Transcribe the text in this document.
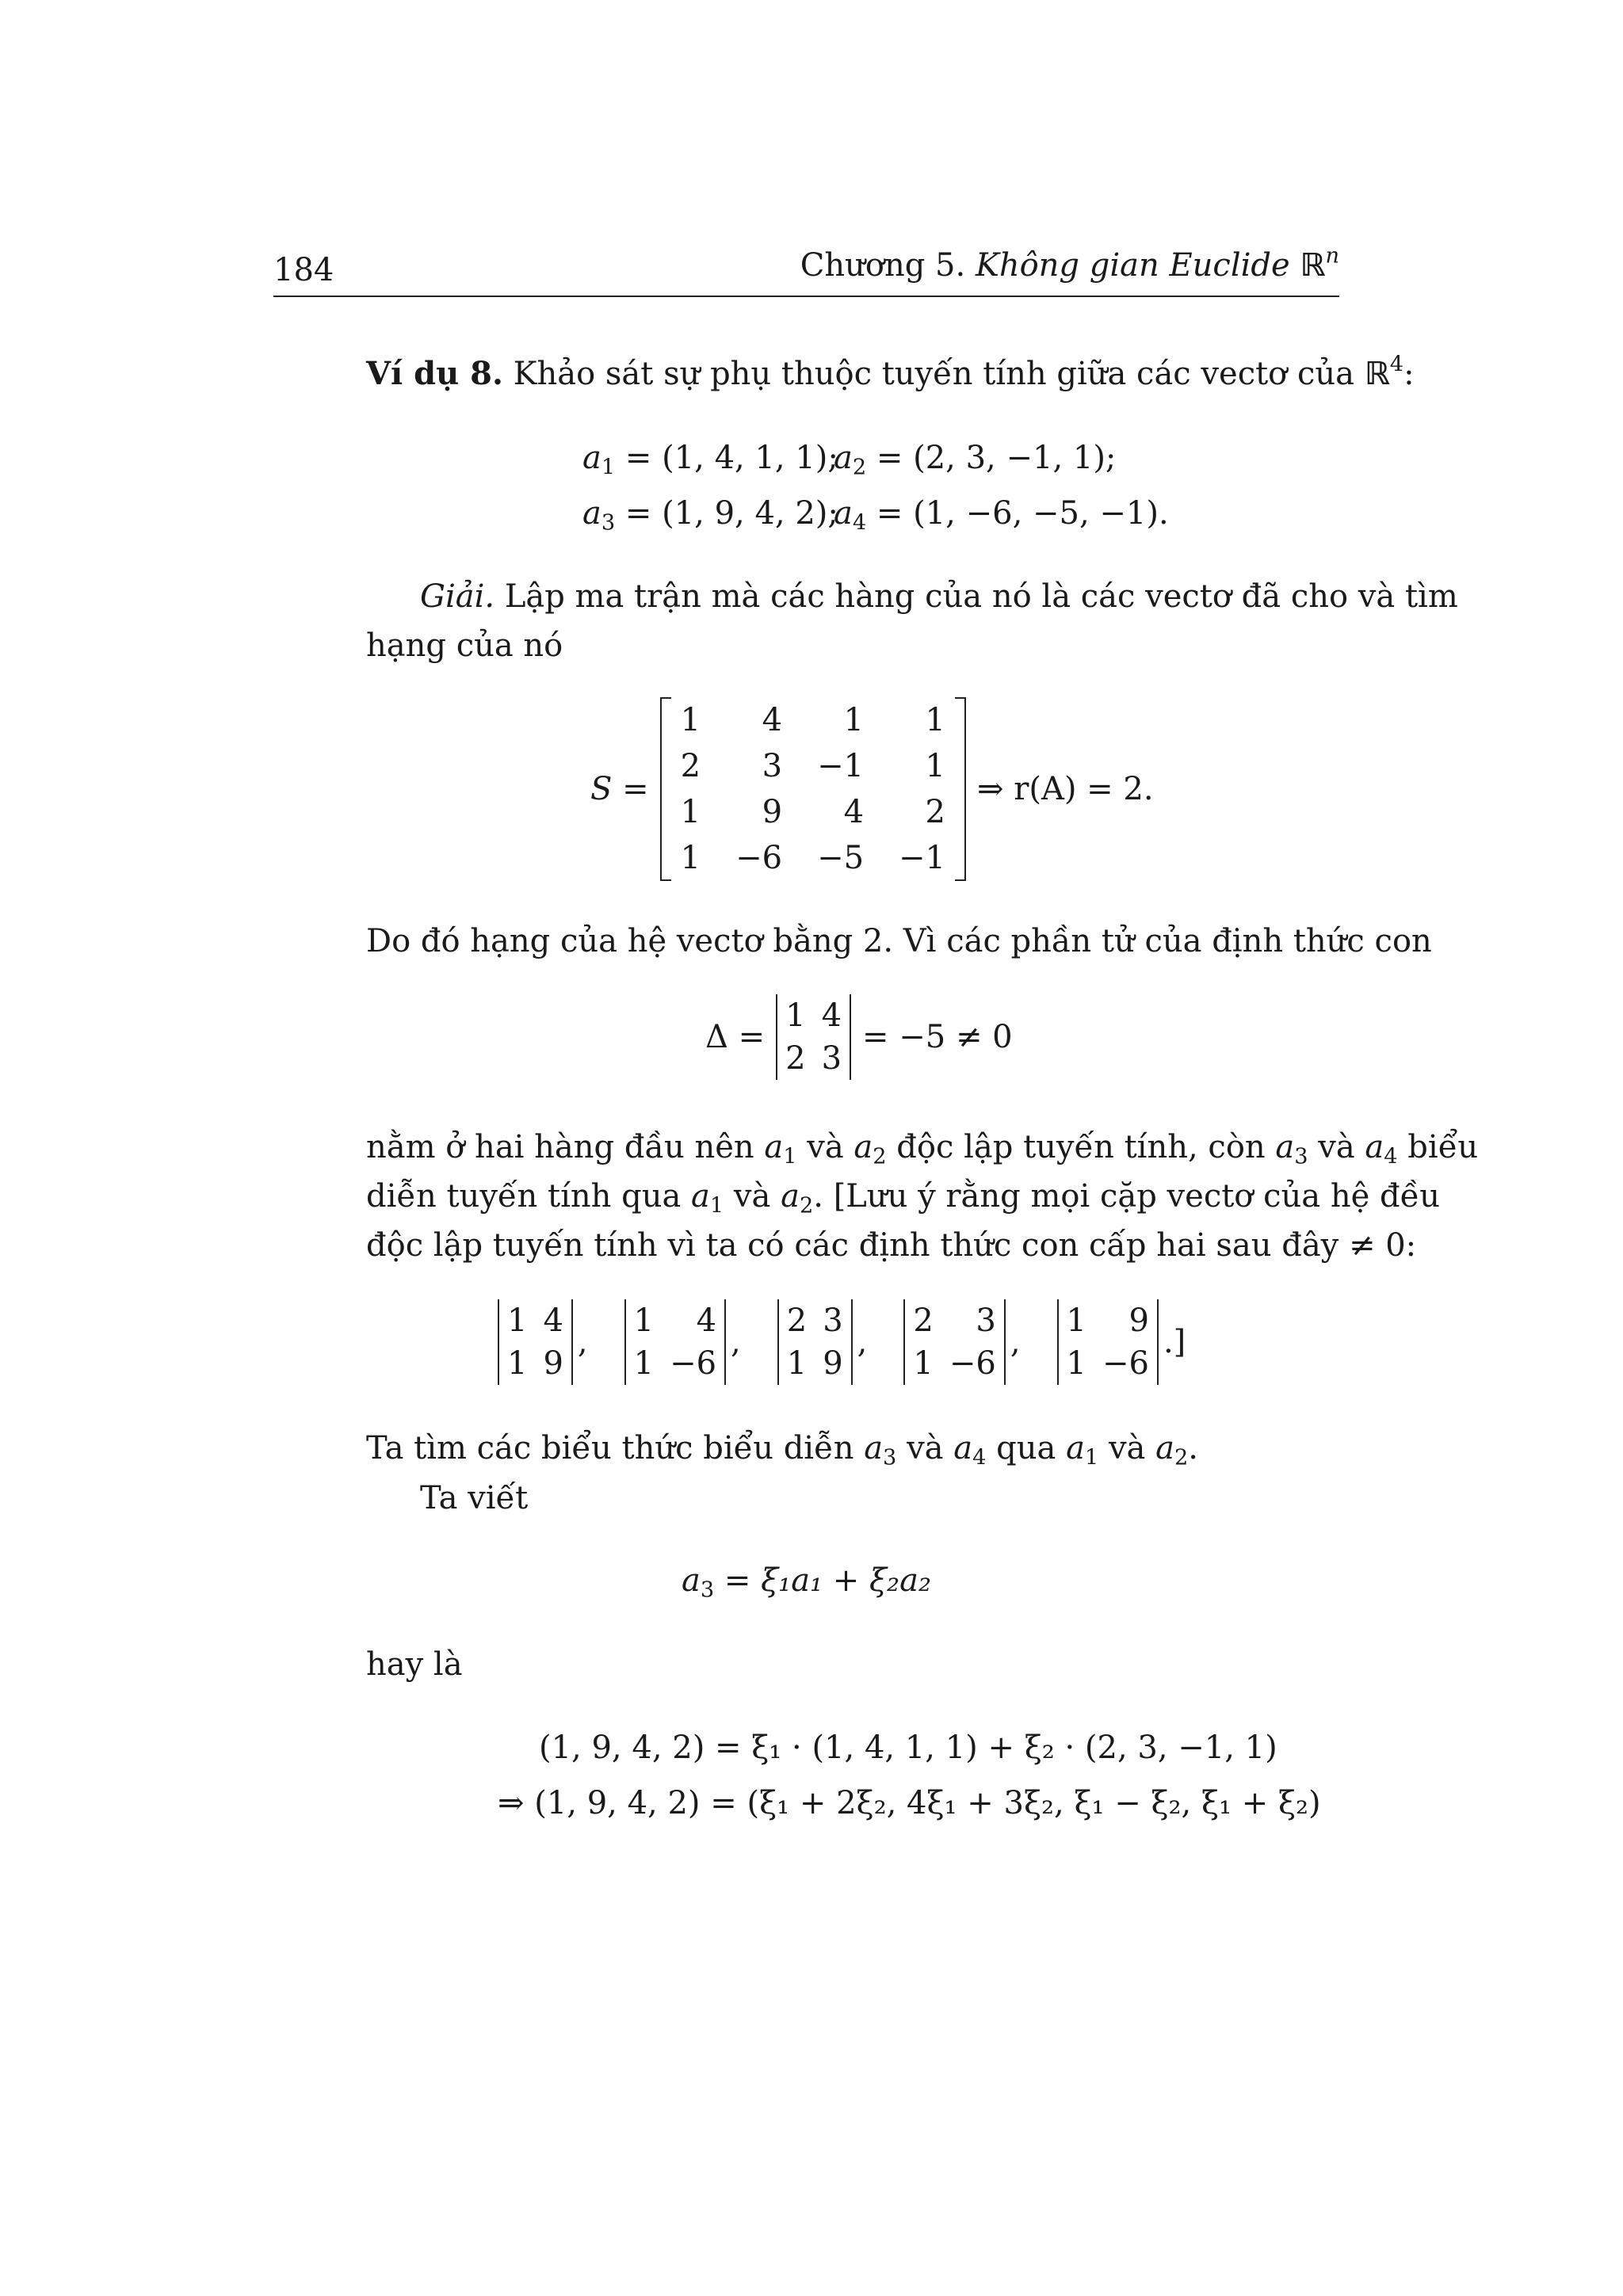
184	Chương 5. Không gian Euclide ℝ$^n$
Ví dụ 8. Khảo sát sự phụ thuộc tuyến tính giữa các vectơ của ℝ$^4$:
$a_1 = (1$, 4, 1, 1);
$a_2 = (2$, 3, −1, 1);
$a_3 = (1$, 9, 4, 2);
$a_4 = (1$, −6, −5, −1).
Giải. Lập ma trận mà các hàng của nó là các vectơ đã cho và tìm
hạng của nó
S =
1	4	1	1
2	3	−1	1
1	9	4	2
1	−6	−5	−1
⇒ r(A) = 2.
Do đó hạng của hệ vectơ bằng 2. Vì các phần tử của định thức con
Δ =
1	4
2	3
= −5 ≠ 0
nằm ở hai hàng đầu nên $a_1$ và $a_2$ độc lập tuyến tính, còn $a_3$ và $a_4$ biểu
diễn tuyến tính qua $a_1$ và $a_2$. [Lưu ý rằng mọi cặp vectơ của hệ đều
độc lập tuyến tính vì ta có các định thức con cấp hai sau đây ≠ 0:
1	4
1	9
,
1	4
1	−6
,
2	3
1	9
,
2	3
1	−6
,
1	9
1	−6
.]
Ta tìm các biểu thức biểu diễn $a_3$ và $a_4$ qua $a_1$ và $a_2$.
Ta viết
$a_3 = \xi_1a_1 + \xi_2a_2$
hay là
(1, 9, 4, 2) = ξ₁ · (1, 4, 1, 1) + ξ₂ · (2, 3, −1, 1)
⇒ (1, 9, 4, 2) = (ξ₁ + 2ξ₂, 4ξ₁ + 3ξ₂, ξ₁ − ξ₂, ξ₁ + ξ₂)
